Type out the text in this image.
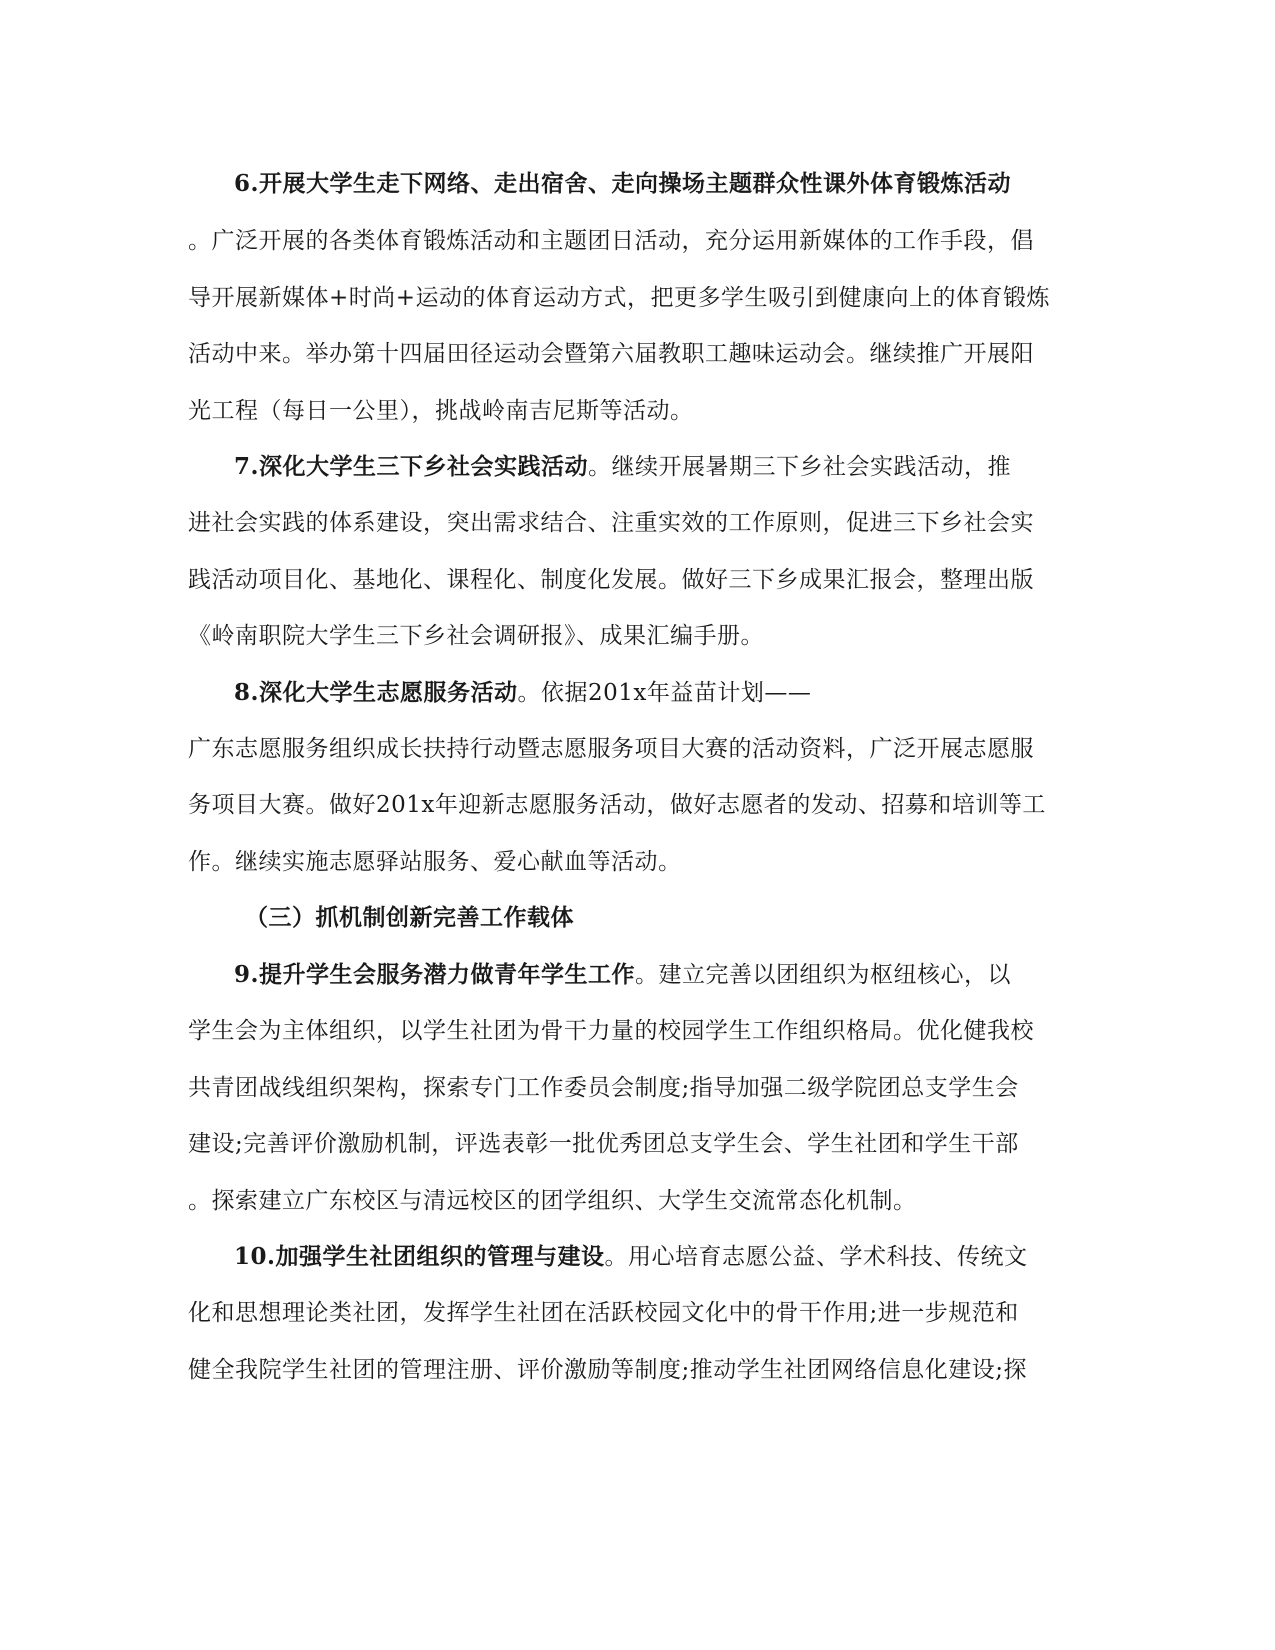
6.开展大学生走下网络、走出宿舍、走向操场主题群众性课外体育锻炼活动
。广泛开展的各类体育锻炼活动和主题团日活动，充分运用新媒体的工作手段，倡
导开展新媒体+时尚+运动的体育运动方式，把更多学生吸引到健康向上的体育锻炼
活动中来。举办第十四届田径运动会暨第六届教职工趣味运动会。继续推广开展阳
光工程（每日一公里），挑战岭南吉尼斯等活动。
7.深化大学生三下乡社会实践活动。继续开展暑期三下乡社会实践活动，推
进社会实践的体系建设，突出需求结合、注重实效的工作原则，促进三下乡社会实
践活动项目化、基地化、课程化、制度化发展。做好三下乡成果汇报会，整理出版
《岭南职院大学生三下乡社会调研报》、成果汇编手册。
8.深化大学生志愿服务活动。依据201x年益苗计划——
广东志愿服务组织成长扶持行动暨志愿服务项目大赛的活动资料，广泛开展志愿服
务项目大赛。做好201x年迎新志愿服务活动，做好志愿者的发动、招募和培训等工
作。继续实施志愿驿站服务、爱心献血等活动。
（三）抓机制创新完善工作载体
9.提升学生会服务潜力做青年学生工作。建立完善以团组织为枢纽核心，以
学生会为主体组织，以学生社团为骨干力量的校园学生工作组织格局。优化健我校
共青团战线组织架构，探索专门工作委员会制度;指导加强二级学院团总支学生会
建设;完善评价激励机制，评选表彰一批优秀团总支学生会、学生社团和学生干部
。探索建立广东校区与清远校区的团学组织、大学生交流常态化机制。
10.加强学生社团组织的管理与建设。用心培育志愿公益、学术科技、传统文
化和思想理论类社团，发挥学生社团在活跃校园文化中的骨干作用;进一步规范和
健全我院学生社团的管理注册、评价激励等制度;推动学生社团网络信息化建设;探
